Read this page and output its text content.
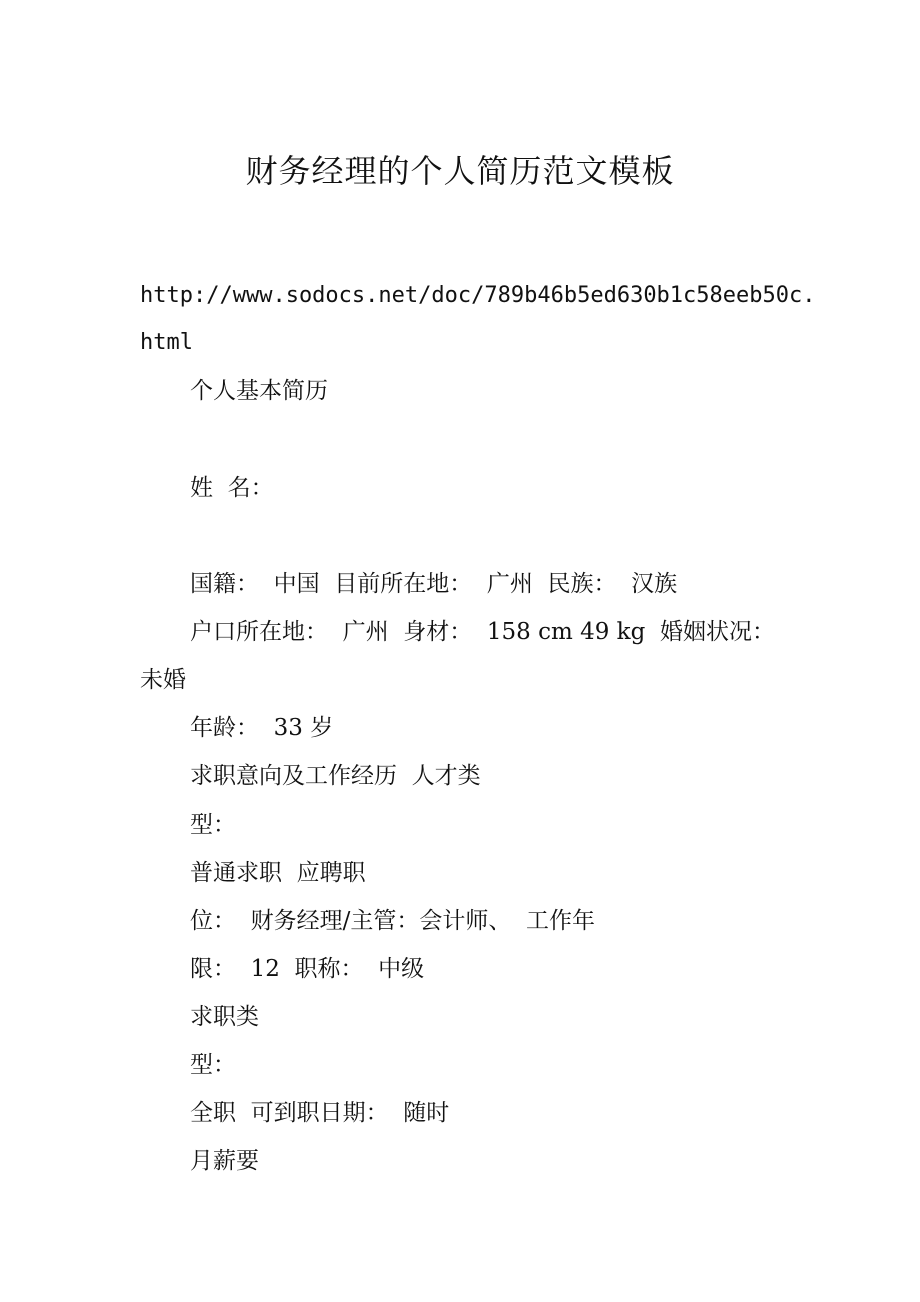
财务经理的个人简历范文模板
http://www.sodocs.net/doc/789b46b5ed630b1c58eeb50c.
html
个人基本简历
姓  名：
国籍：  中国  目前所在地：  广州  民族：  汉族
户口所在地：  广州  身材：  158 cm 49 kg  婚姻状况：
未婚
年龄：  33 岁
求职意向及工作经历  人才类
型：
普通求职  应聘职
位：  财务经理/主管：会计师、  工作年
限：  12  职称：  中级
求职类
型：
全职  可到职日期：  随时
月薪要
